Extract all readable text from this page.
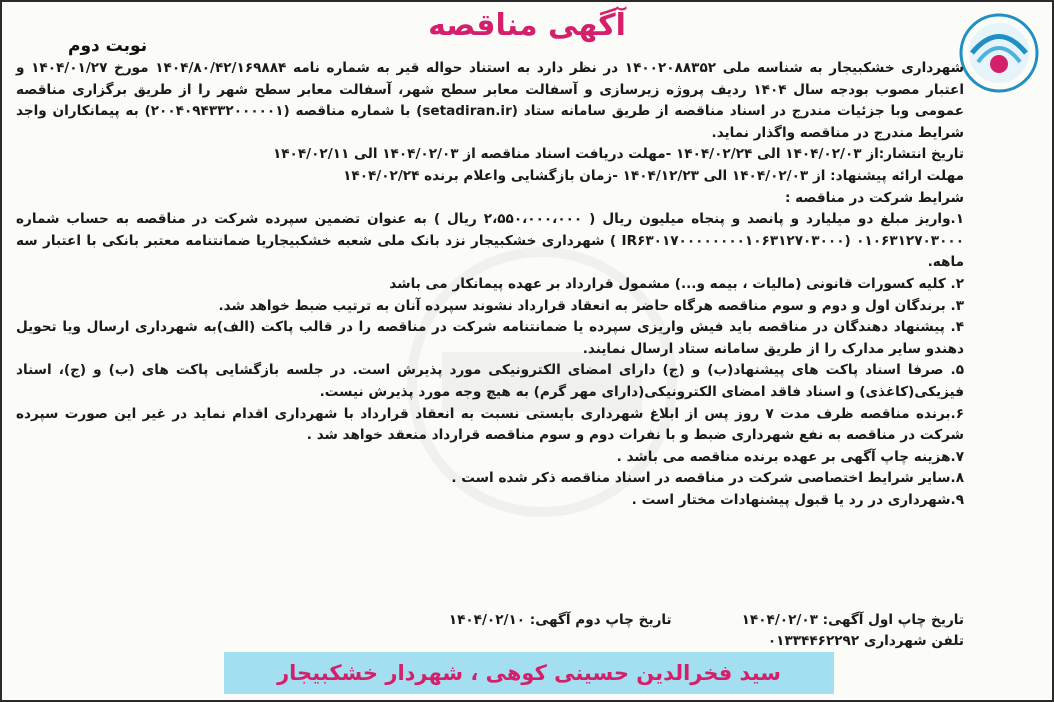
آگهی مناقصه
نوبت دوم

شهرداری خشکبیجار به شناسه ملی ۱۴۰۰۲۰۸۸۳۵۲ در نظر دارد به استناد حواله قیر به شماره نامه ۱۴۰۴/۸۰/۴۲/۱۶۹۸۸۴ مورخ ۱۴۰۴/۰۱/۲۷ و اعتبار مصوب بودجه سال ۱۴۰۴ ردیف پروژه زیرسازی و آسفالت معابر سطح شهر، آسفالت معابر سطح شهر را از طریق برگزاری مناقصه عمومی وبا جزئیات مندرج در اسناد مناقصه از طریق سامانه ستاد (setadiran.ir) با شماره مناقصه (۲۰۰۴۰۹۴۳۳۲۰۰۰۰۰۱) به پیمانکاران واجد شرایط مندرج در مناقصه واگذار نماید.

تاریخ انتشار:از ۱۴۰۴/۰۲/۰۳ الی ۱۴۰۴/۰۲/۲۴ -مهلت دریافت اسناد مناقصه از ۱۴۰۴/۰۲/۰۳ الی ۱۴۰۴/۰۲/۱۱

مهلت ارائه پیشنهاد: از ۱۴۰۴/۰۲/۰۳ الی ۱۴۰۴/۱۲/۲۳ -زمان بازگشایی واعلام برنده ۱۴۰۴/۰۲/۲۴

شرایط شرکت در مناقصه :

۱.واریز مبلغ دو میلیارد و پانصد و پنجاه میلیون ریال ( ۲،۵۵۰،۰۰۰،۰۰۰ ریال ) به عنوان تضمین سپرده شرکت در مناقصه به حساب شماره ۰۱۰۶۳۱۲۷۰۳۰۰۰ (IR۶۳۰۱۷۰۰۰۰۰۰۰۰۱۰۶۳۱۲۷۰۳۰۰۰ ) شهرداری خشکبیجار نزد بانک ملی شعبه خشکبیجاریا ضمانتنامه معتبر بانکی با اعتبار سه ماهه.
۲. کلیه کسورات قانونی (مالیات ، بیمه و...) مشمول قرارداد بر عهده پیمانکار می باشد
۳. برندگان اول و دوم و سوم مناقصه هرگاه حاضر به انعقاد قرارداد نشوند سپرده آنان به ترتیب ضبط خواهد شد.
۴. پیشنهاد دهندگان در مناقصه باید فیش واریزی سپرده یا ضمانتنامه شرکت در مناقصه را در قالب پاکت (الف)به شهرداری ارسال ویا تحویل دهندو سایر مدارک را از طریق سامانه ستاد ارسال نمایند.
۵. صرفا اسناد پاکت های پیشنهاد(ب) و (ج) دارای امضای الکترونیکی مورد پذیرش است. در جلسه بازگشایی پاکت های (ب) و (ج)، اسناد فیزیکی(کاغذی) و اسناد فاقد امضای الکترونیکی(دارای مهر گرم) به هیچ وجه مورد پذیرش نیست.
۶.برنده مناقصه ظرف مدت ۷ روز پس از ابلاغ شهرداری بایستی نسبت به انعقاد قرارداد با شهرداری اقدام نماید در غیر این صورت سپرده شرکت در مناقصه به نفع شهرداری ضبط و با نفرات دوم و سوم مناقصه قرارداد منعقد خواهد شد .
۷.هزینه چاپ آگهی بر عهده برنده مناقصه می باشد .
۸.سایر شرایط اختصاصی شرکت در مناقصه در اسناد مناقصه ذکر شده است .
۹.شهرداری در رد یا قبول پیشنهادات مختار است .
تاریخ چاپ اول آگهی: ۱۴۰۴/۰۲/۰۳
تاریخ چاپ دوم آگهی: ۱۴۰۴/۰۲/۱۰
تلفن شهرداری ۰۱۳۳۴۴۶۲۲۹۲
سید فخرالدین حسینی کوهی ، شهردار خشکبیجار
